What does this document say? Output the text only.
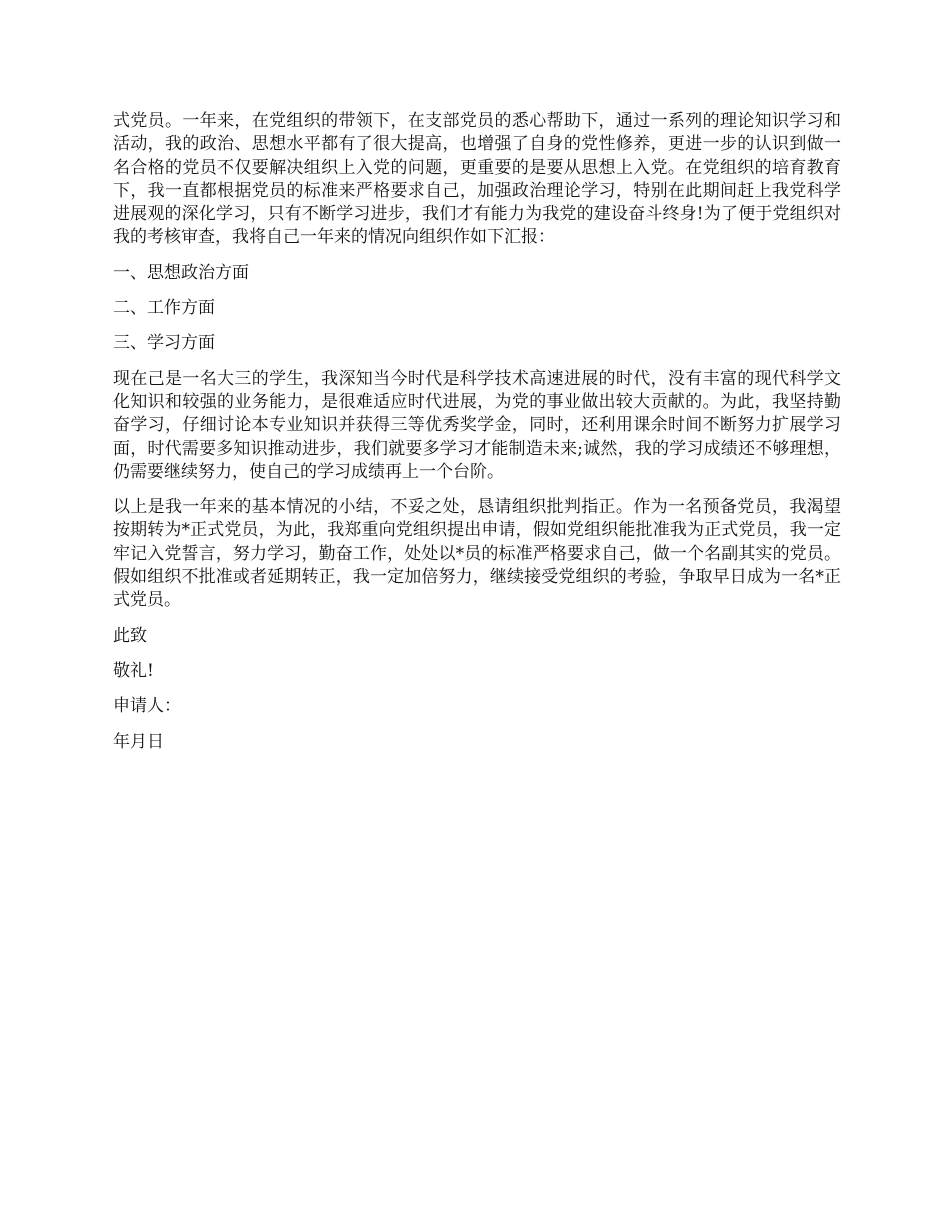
式党员。一年来，在党组织的带领下，在支部党员的悉心帮助下，通过一系列的理论知识学习和活动，我的政治、思想水平都有了很大提高，也增强了自身的党性修养，更进一步的认识到做一名合格的党员不仅要解决组织上入党的问题，更重要的是要从思想上入党。在党组织的培育教育下，我一直都根据党员的标准来严格要求自己，加强政治理论学习，特别在此期间赶上我党科学进展观的深化学习，只有不断学习进步，我们才有能力为我党的建设奋斗终身!为了便于党组织对我的考核审查，我将自己一年来的情况向组织作如下汇报：

一、思想政治方面

二、工作方面

三、学习方面

现在己是一名大三的学生，我深知当今时代是科学技术高速进展的时代，没有丰富的现代科学文化知识和较强的业务能力，是很难适应时代进展，为党的事业做出较大贡献的。为此，我坚持勤奋学习，仔细讨论本专业知识并获得三等优秀奖学金，同时，还利用课余时间不断努力扩展学习面，时代需要多知识推动进步，我们就要多学习才能制造未来;诚然，我的学习成绩还不够理想，仍需要继续努力，使自己的学习成绩再上一个台阶。

以上是我一年来的基本情况的小结，不妥之处，恳请组织批判指正。作为一名预备党员，我渴望按期转为*正式党员，为此，我郑重向党组织提出申请，假如党组织能批准我为正式党员，我一定牢记入党誓言，努力学习，勤奋工作，处处以*员的标准严格要求自己，做一个名副其实的党员。假如组织不批准或者延期转正，我一定加倍努力，继续接受党组织的考验，争取早日成为一名*正式党员。

此致

敬礼!

申请人：

年月日
